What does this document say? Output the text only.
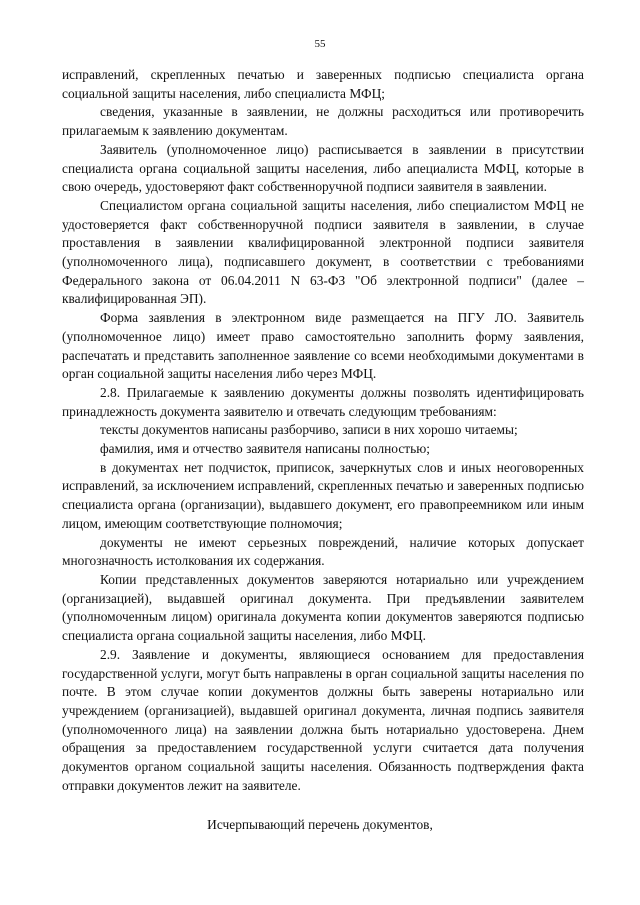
55

исправлений, скрепленных печатью и заверенных подписью специалиста органа социальной защиты населения, либо специалиста МФЦ;

сведения, указанные в заявлении, не должны расходиться или противоречить прилагаемым к заявлению документам.

Заявитель (уполномоченное лицо) расписывается в заявлении в присутствии специалиста органа социальной защиты населения, либо апециалиста МФЦ, которые в свою очередь, удостоверяют факт собственноручной подписи заявителя в заявлении.

Специалистом органа социальной защиты населения, либо специалистом МФЦ не удостоверяется факт собственноручной подписи заявителя в заявлении, в случае проставления в заявлении квалифицированной электронной подписи заявителя (уполномоченного лица), подписавшего документ, в соответствии с требованиями Федерального закона от 06.04.2011 N 63-ФЗ "Об электронной подписи" (далее – квалифицированная ЭП).

Форма заявления в электронном виде размещается на ПГУ ЛО. Заявитель (уполномоченное лицо) имеет право самостоятельно заполнить форму заявления, распечатать и представить заполненное заявление со всеми необходимыми документами в орган социальной защиты населения либо через МФЦ.

2.8. Прилагаемые к заявлению документы должны позволять идентифицировать принадлежность документа заявителю и отвечать следующим требованиям:

тексты документов написаны разборчиво, записи в них хорошо читаемы;

фамилия, имя и отчество заявителя написаны полностью;

в документах нет подчисток, приписок, зачеркнутых слов и иных неоговоренных исправлений, за исключением исправлений, скрепленных печатью и заверенных подписью специалиста органа (организации), выдавшего документ, его правопреемником или иным лицом, имеющим соответствующие полномочия;

документы не имеют серьезных повреждений, наличие которых допускает многозначность истолкования их содержания.

Копии представленных документов заверяются нотариально или учреждением (организацией), выдавшей оригинал документа. При предъявлении заявителем (уполномоченным лицом) оригинала документа копии документов заверяются подписью специалиста органа социальной защиты населения, либо МФЦ.

2.9. Заявление и документы, являющиеся основанием для предоставления государственной услуги, могут быть направлены в орган социальной защиты населения по почте. В этом случае копии документов должны быть заверены нотариально или учреждением (организацией), выдавшей оригинал документа, личная подпись заявителя (уполномоченного лица) на заявлении должна быть нотариально удостоверена. Днем обращения за предоставлением государственной услуги считается дата получения документов органом социальной защиты населения. Обязанность подтверждения факта отправки документов лежит на заявителе.

Исчерпывающий перечень документов,
